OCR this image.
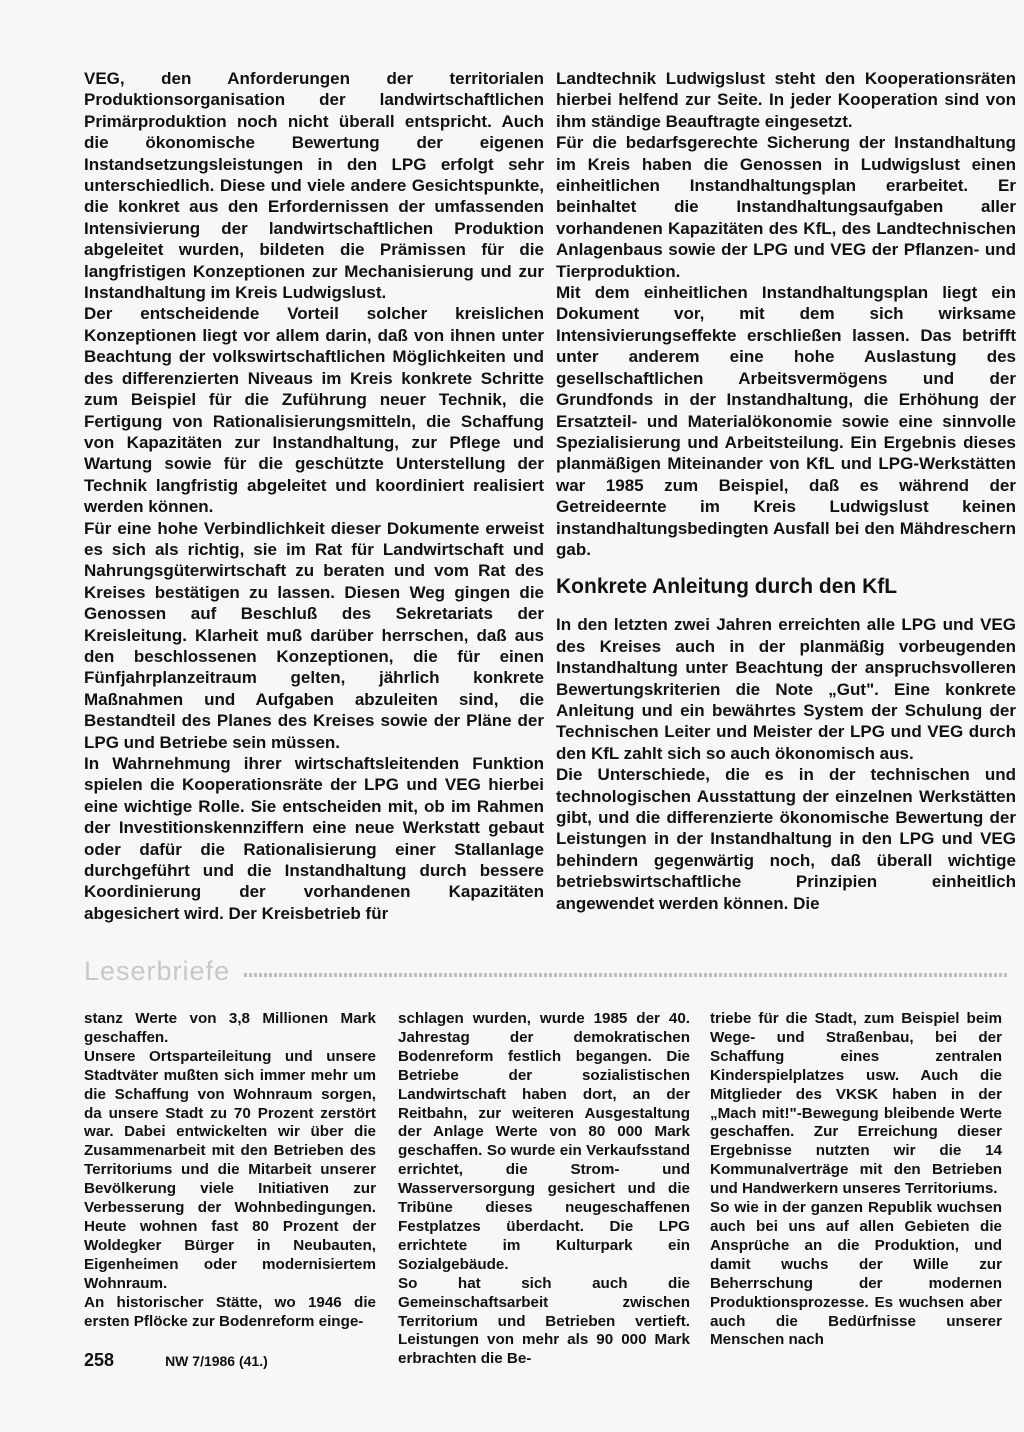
VEG, den Anforderungen der territorialen Produktionsorganisation der landwirtschaftlichen Primärproduktion noch nicht überall entspricht. Auch die ökonomische Bewertung der eigenen Instandsetzungsleistungen in den LPG erfolgt sehr unterschiedlich. Diese und viele andere Gesichtspunkte, die konkret aus den Erfordernissen der umfassenden Intensivierung der landwirtschaftlichen Produktion abgeleitet wurden, bildeten die Prämissen für die langfristigen Konzeptionen zur Mechanisierung und zur Instandhaltung im Kreis Ludwigslust.

Der entscheidende Vorteil solcher kreislichen Konzeptionen liegt vor allem darin, daß von ihnen unter Beachtung der volkswirtschaftlichen Möglichkeiten und des differenzierten Niveaus im Kreis konkrete Schritte zum Beispiel für die Zuführung neuer Technik, die Fertigung von Rationalisierungsmitteln, die Schaffung von Kapazitäten zur Instandhaltung, zur Pflege und Wartung sowie für die geschützte Unterstellung der Technik langfristig abgeleitet und koordiniert realisiert werden können.

Für eine hohe Verbindlichkeit dieser Dokumente erweist es sich als richtig, sie im Rat für Landwirtschaft und Nahrungsgüterwirtschaft zu beraten und vom Rat des Kreises bestätigen zu lassen. Diesen Weg gingen die Genossen auf Beschluß des Sekretariats der Kreisleitung. Klarheit muß darüber herrschen, daß aus den beschlossenen Konzeptionen, die für einen Fünfjahrplanzeitraum gelten, jährlich konkrete Maßnahmen und Aufgaben abzuleiten sind, die Bestandteil des Planes des Kreises sowie der Pläne der LPG und Betriebe sein müssen.

In Wahrnehmung ihrer wirtschaftsleitenden Funktion spielen die Kooperationsräte der LPG und VEG hierbei eine wichtige Rolle. Sie entscheiden mit, ob im Rahmen der Investitionskennziffern eine neue Werkstatt gebaut oder dafür die Rationalisierung einer Stallanlage durchgeführt und die Instandhaltung durch bessere Koordinierung der vorhandenen Kapazitäten abgesichert wird. Der Kreisbetrieb für

Landtechnik Ludwigslust steht den Kooperationsräten hierbei helfend zur Seite. In jeder Kooperation sind von ihm ständige Beauftragte eingesetzt.

Für die bedarfsgerechte Sicherung der Instandhaltung im Kreis haben die Genossen in Ludwigslust einen einheitlichen Instandhaltungsplan erarbeitet. Er beinhaltet die Instandhaltungsaufgaben aller vorhandenen Kapazitäten des KfL, des Landtechnischen Anlagenbaus sowie der LPG und VEG der Pflanzen- und Tierproduktion.

Mit dem einheitlichen Instandhaltungsplan liegt ein Dokument vor, mit dem sich wirksame Intensivierungseffekte erschließen lassen. Das betrifft unter anderem eine hohe Auslastung des gesellschaftlichen Arbeitsvermögens und der Grundfonds in der Instandhaltung, die Erhöhung der Ersatzteil- und Materialökonomie sowie eine sinnvolle Spezialisierung und Arbeitsteilung. Ein Ergebnis dieses planmäßigen Miteinander von KfL und LPG-Werkstätten war 1985 zum Beispiel, daß es während der Getreideernte im Kreis Ludwigslust keinen instandhaltungsbedingten Ausfall bei den Mähdreschern gab.

Konkrete Anleitung durch den KfL

In den letzten zwei Jahren erreichten alle LPG und VEG des Kreises auch in der planmäßig vorbeugenden Instandhaltung unter Beachtung der anspruchsvolleren Bewertungskriterien die Note „Gut". Eine konkrete Anleitung und ein bewährtes System der Schulung der Technischen Leiter und Meister der LPG und VEG durch den KfL zahlt sich so auch ökonomisch aus.

Die Unterschiede, die es in der technischen und technologischen Ausstattung der einzelnen Werkstätten gibt, und die differenzierte ökonomische Bewertung der Leistungen in der Instandhaltung in den LPG und VEG behindern gegenwärtig noch, daß überall wichtige betriebswirtschaftliche Prinzipien einheitlich angewendet werden können. Die

Leserbriefe

stanz Werte von 3,8 Millionen Mark geschaffen.

Unsere Ortsparteileitung und unsere Stadtväter mußten sich immer mehr um die Schaffung von Wohnraum sorgen, da unsere Stadt zu 70 Prozent zerstört war. Dabei entwickelten wir über die Zusammenarbeit mit den Betrieben des Territoriums und die Mitarbeit unserer Bevölkerung viele Initiativen zur Verbesserung der Wohnbedingungen. Heute wohnen fast 80 Prozent der Woldegker Bürger in Neubauten, Eigenheimen oder modernisiertem Wohnraum.

An historischer Stätte, wo 1946 die ersten Pflöcke zur Bodenreform einge-

schlagen wurden, wurde 1985 der 40. Jahrestag der demokratischen Bodenreform festlich begangen. Die Betriebe der sozialistischen Landwirtschaft haben dort, an der Reitbahn, zur weiteren Ausgestaltung der Anlage Werte von 80 000 Mark geschaffen. So wurde ein Verkaufsstand errichtet, die Strom- und Wasserversorgung gesichert und die Tribüne dieses neugeschaffenen Festplatzes überdacht. Die LPG errichtete im Kulturpark ein Sozialgebäude.

So hat sich auch die Gemeinschaftsarbeit zwischen Territorium und Betrieben vertieft. Leistungen von mehr als 90 000 Mark erbrachten die Be-

triebe für die Stadt, zum Beispiel beim Wege- und Straßenbau, bei der Schaffung eines zentralen Kinderspielplatzes usw. Auch die Mitglieder des VKSK haben in der „Mach mit!"-Bewegung bleibende Werte geschaffen. Zur Erreichung dieser Ergebnisse nutzten wir die 14 Kommunalverträge mit den Betrieben und Handwerkern unseres Territoriums.

So wie in der ganzen Republik wuchsen auch bei uns auf allen Gebieten die Ansprüche an die Produktion, und damit wuchs der Wille zur Beherrschung der modernen Produktionsprozesse. Es wuchsen aber auch die Bedürfnisse unserer Menschen nach

258	NW 7/1986 (41.)
